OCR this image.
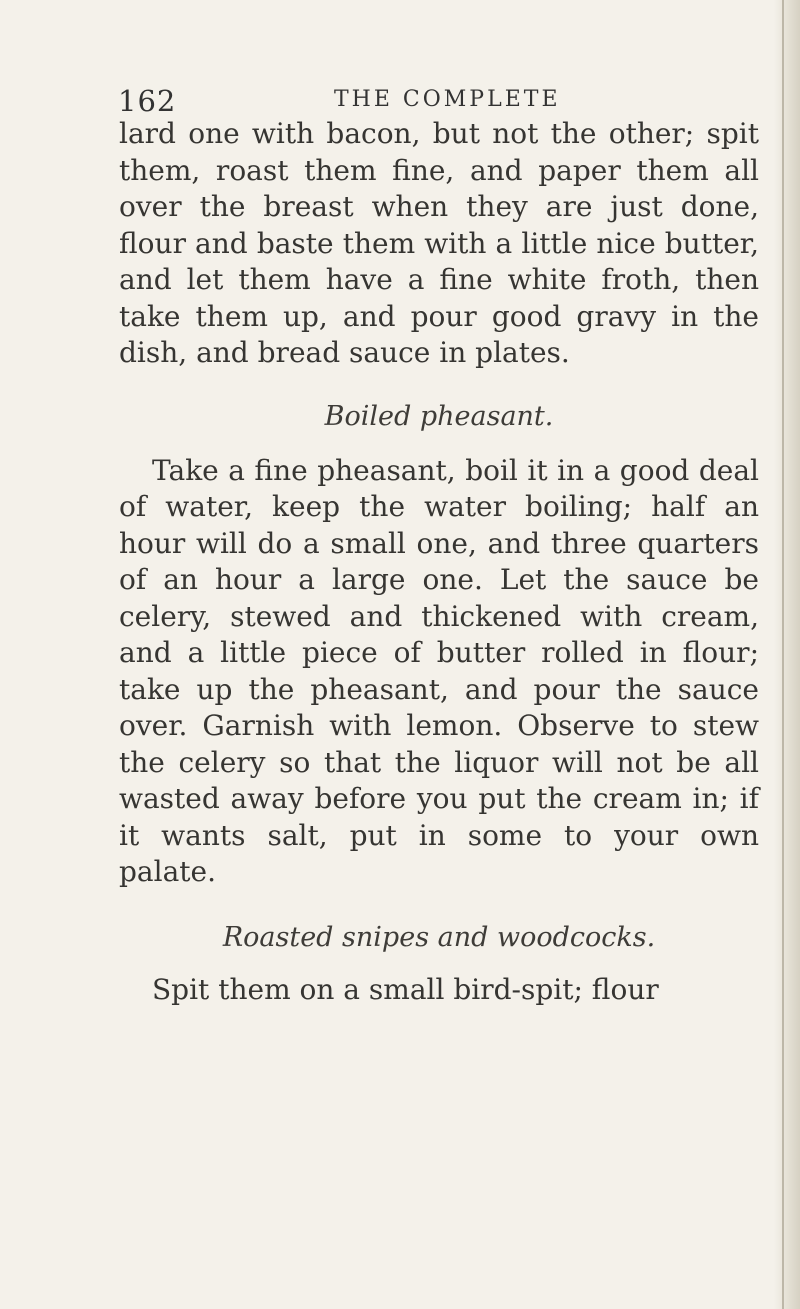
162	THE COMPLETE

lard one with bacon, but not the other; spit them, roast them fine, and paper them all over the breast when they are just done, flour and baste them with a little nice butter, and let them have a fine white froth, then take them up, and pour good gravy in the dish, and bread sauce in plates.

Boiled pheasant.

Take a fine pheasant, boil it in a good deal of water, keep the water boiling; half an hour will do a small one, and three quarters of an hour a large one. Let the sauce be celery, stewed and thickened with cream, and a little piece of butter rolled in flour; take up the pheasant, and pour the sauce over. Garnish with lemon. Observe to stew the celery so that the liquor will not be all wasted away before you put the cream in; if it wants salt, put in some to your own palate.

Roasted snipes and woodcocks.

Spit them on a small bird-spit; flour
